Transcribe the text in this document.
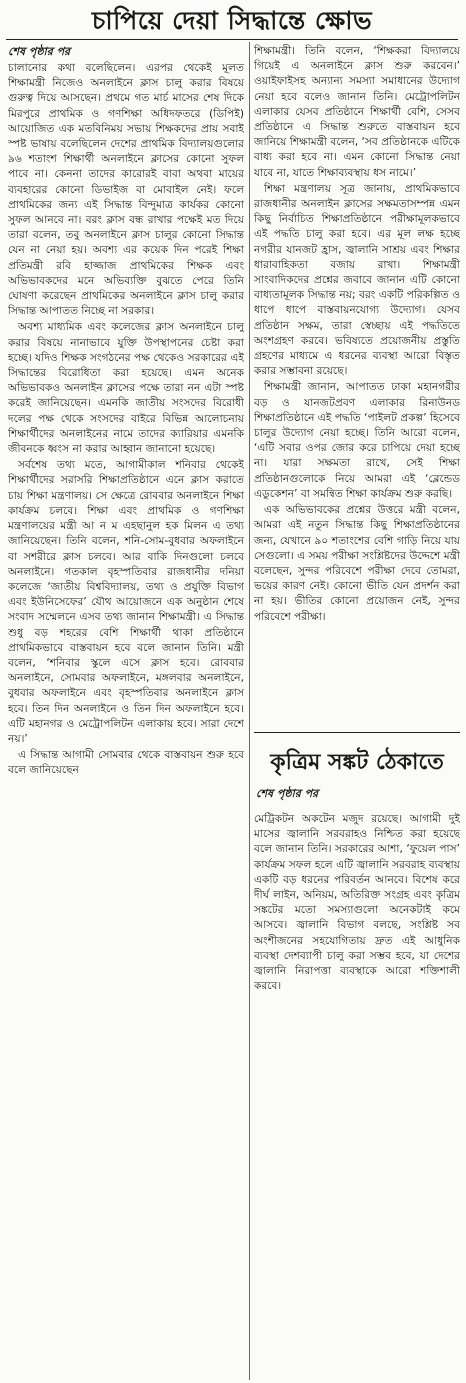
চাপিয়ে দেয়া সিদ্ধান্তে ক্ষোভ
শেষ পৃষ্ঠার পর

চালানোর কথা বলেছিলেন। এরপর থেকেই মূলত শিক্ষামন্ত্রী নিজেও অনলাইনে ক্লাস চালু করার বিষয়ে গুরুত্ব দিয়ে আসছেন। প্রথমে গত মার্চ মাসের শেষ দিকে মিরপুরে প্রাথমিক ও গণশিক্ষা অধিদফতরে (ডিপিই) আয়োজিত এক মতবিনিময় সভায় শিক্ষকদের প্রায় সবাই স্পষ্ট ভাষায় বলেছিলেন দেশের প্রাথমিক বিদ্যালয়গুলোর ৯৬ শতাংশ শিক্ষার্থী অনলাইনে ক্লাসের কোনো সুফল পাবে না। কেননা তাদের কারোরই বাবা অথবা মায়ের ব্যবহারের কোনো ডিভাইজ বা মোবাইল নেই। ফলে প্রাথমিকের জন্য এই সিদ্ধান্ত বিন্দুমাত্র কার্যকর কোনো সুফল আনবে না। বরং ক্লাস বন্ধ রাখার পক্ষেই মত দিয়ে তারা বলেন, তবু অনলাইনে ক্লাস চালুর কোনো সিদ্ধান্ত যেন না নেয়া হয়। অবশ্য এর কয়েক দিন পরেই শিক্ষা প্রতিমন্ত্রী রবি হাজ্জাজ প্রাথমিকের শিক্ষক এবং অভিভাবকদের মনে অভিব্যক্তি বুঝতে পেরে তিনি ঘোষণা করেছেন প্রাথমিকের অনলাইনে ক্লাস চালু করার সিদ্ধান্ত আপাতত নিচ্ছে না সরকার।

অবশ্য মাধ্যমিক এবং কলেজের ক্লাস অনলাইনে চালু করার বিষয়ে নানাভাবে যুক্তি উপস্থাপনের চেষ্টা করা হচ্ছে। যদিও শিক্ষক সংগঠনের পক্ষ থেকেও সরকারের এই সিদ্ধান্তের বিরোধিতা করা হয়েছে। এমন অনেক অভিভাবকও অনলাইন ক্লাসের পক্ষে তারা নন এটা স্পষ্ট করেই জানিয়েছেন। এমনকি জাতীয় সংসদের বিরোধী দলের পক্ষ থেকে সংসদের বাইরে বিভিন্ন আলোচনায় শিক্ষার্থীদের অনলাইনের নামে তাদের ক্যারিয়ার এমনকি জীবনকে ধ্বংস না করার আহ্বান জানানো হয়েছে।

সর্বশেষ তথ্য মতে, আগামীকাল শনিবার থেকেই শিক্ষার্থীদের সরাসরি শিক্ষাপ্রতিষ্ঠানে এনে ক্লাস করাতে চায় শিক্ষা মন্ত্রণালয়। সে ক্ষেত্রে রোববার অনলাইনে শিক্ষা কার্যক্রম চলবে। শিক্ষা এবং প্রাথমিক ও গণশিক্ষা মন্ত্রণালয়ের মন্ত্রী আ ন ম এহছানুল হক মিলন এ তথ্য জানিয়েছেন। তিনি বলেন, শনি-সোম-বুধবার অফলাইনে বা সশরীরে ক্লাস চলবে। আর বাকি দিনগুলো চলবে অনলাইনে। গতকাল বৃহস্পতিবার রাজধানীর দনিয়া কলেজে ‘জাতীয় বিশ্ববিদ্যালয়, তথ্য ও প্রযুক্তি বিভাগ এবং ইউনিসেফের’ যৌথ আয়োজনে এক অনুষ্ঠান শেষে সংবাদ সম্মেলনে এসব তথ্য জানান শিক্ষামন্ত্রী। এ সিদ্ধান্ত শুধু বড় শহরের বেশি শিক্ষার্থী থাকা প্রতিষ্ঠানে প্রাথমিকভাবে বাস্তবায়ন হবে বলে জানান তিনি। মন্ত্রী বলেন, ‘শনিবার স্কুলে এসে ক্লাস হবে। রোববার অনলাইনে, সোমবার অফলাইনে, মঙ্গলবার অনলাইনে, বুধবার অফলাইনে এবং বৃহস্পতিবার অনলাইনে ক্লাস হবে। তিন দিন অনলাইনে ও তিন দিন অফলাইনে হবে। এটি মহানগর ও মেট্রোপলিটন এলাকায় হবে। সারা দেশে নয়।’

এ সিদ্ধান্ত আগামী সোমবার থেকে বাস্তবায়ন শুরু হবে বলে জানিয়েছেন

শিক্ষামন্ত্রী। তিনি বলেন, ‘শিক্ষকরা বিদ্যালয়ে গিয়েই এ অনলাইনে ক্লাস শুরু করবেন।’ ওয়াইফাইসহ অন্যান্য সমস্যা সমাধানের উদ্যোগ নেয়া হবে বলেও জানান তিনি। মেট্রোপলিটন এলাকার যেসব প্রতিষ্ঠানে শিক্ষার্থী বেশি, সেসব প্রতিষ্ঠানে এ সিদ্ধান্ত শুরুতে বাস্তবায়ন হবে জানিয়ে শিক্ষামন্ত্রী বলেন, ‘সব প্রতিষ্ঠানকে এটিকে বাধ্য করা হবে না। এমন কোনো সিদ্ধান্ত নেয়া যাবে না, যাতে শিক্ষাব্যবস্থায় ধস নামে।’

শিক্ষা মন্ত্রণালয় সূত্র জানায়, প্রাথমিকভাবে রাজধানীর অনলাইন ক্লাসের সক্ষমতাসম্পন্ন এমন কিছু নির্বাচিত শিক্ষাপ্রতিষ্ঠানে পরীক্ষামূলকভাবে এই পদ্ধতি চালু করা হবে। এর মূল লক্ষ হচ্ছে নগরীর যানজট হ্রাস, জ্বালানি সাশ্রয় এবং শিক্ষার ধারাবাহিকতা বজায় রাখা। শিক্ষামন্ত্রী সাংবাদিকদের প্রশ্নের জবাবে জানান এটি কোনো বাধ্যতামূলক সিদ্ধান্ত নয়; বরং একটি পরিকল্পিত ও ধাপে ধাপে বাস্তবায়নযোগ্য উদ্যোগ। যেসব প্রতিষ্ঠান সক্ষম, তারা স্বেচ্ছায় এই পদ্ধতিতে অংশগ্রহণ করবে। ভবিষ্যতে প্রয়োজনীয় প্রস্তুতি গ্রহণের মাধ্যমে এ ধরনের ব্যবস্থা আরো বিস্তৃত করার সম্ভাবনা রয়েছে।

শিক্ষামন্ত্রী জানান, আপাতত ঢাকা মহানগরীর বড় ও যানজটপ্রবণ এলাকার রিনাউনড শিক্ষাপ্রতিষ্ঠানে এই পদ্ধতি ‘পাইলট প্রকল্প’ হিসেবে চালুর উদ্যোগ নেয়া হচ্ছে। তিনি আরো বলেন, ‘এটি সবার ওপর জোর করে চাপিয়ে দেয়া হচ্ছে না। যারা সক্ষমতা রাখে, সেই শিক্ষা প্রতিষ্ঠানগুলোকে নিয়ে আমরা এই ‘ব্লেন্ডেড এডুকেশন’ বা সমন্বিত শিক্ষা কার্যক্রম শুরু করছি।

এক অভিভাবকের প্রশ্নের উত্তরে মন্ত্রী বলেন, আমরা এই নতুন সিদ্ধান্ত কিছু শিক্ষাপ্রতিষ্ঠানের জন্য, যেখানে ৯০ শতাংশের বেশি গাড়ি নিয়ে যায় সেগুলো। এ সময় পরীক্ষা সংশ্লিষ্টদের উদ্দেশে মন্ত্রী বলেছেন, সুন্দর পরিবেশে পরীক্ষা দেবে তোমরা, ভয়ের কারণ নেই। কোনো ভীতি যেন প্রদর্শন করা না হয়। ভীতির কোনো প্রয়োজন নেই, সুন্দর পরিবেশে পরীক্ষা।

কৃত্রিম সঙ্কট ঠেকাতে
শেষ পৃষ্ঠার পর

মেট্রিকটন অকটেন মজুদ রয়েছে। আগামী দুই মাসের জ্বালানি সরবরাহও নিশ্চিত করা হয়েছে বলে জানান তিনি। সরকারের আশা, ‘ফুয়েল পাস’ কার্যক্রম সফল হলে এটি জ্বালানি সরবরাহ ব্যবস্থায় একটি বড় ধরনের পরিবর্তন আনবে। বিশেষ করে দীর্ঘ লাইন, অনিয়ম, অতিরিক্ত সংগ্রহ এবং কৃত্রিম সঙ্কটের মতো সমস্যাগুলো অনেকটাই কমে আসবে। জ্বালানি বিভাগ বলছে, সংশ্লিষ্ট সব অংশীজনের সহযোগিতায় দ্রুত এই আধুনিক ব্যবস্থা দেশব্যাপী চালু করা সম্ভব হবে, যা দেশের জ্বালানি নিরাপত্তা ব্যবস্থাকে আরো শক্তিশালী করবে।
